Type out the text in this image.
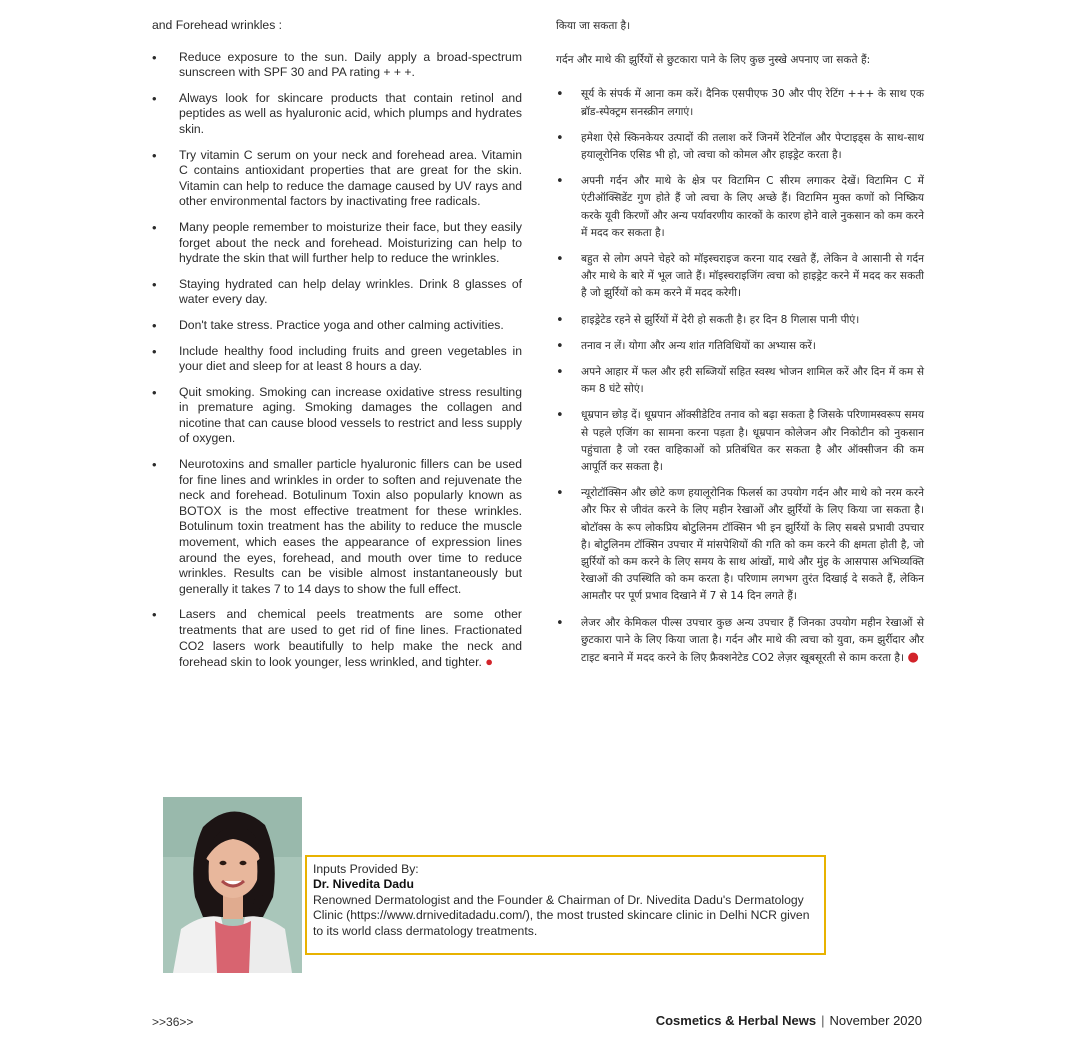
and Forehead wrinkles :

• Reduce exposure to the sun. Daily apply a broad-spectrum sunscreen with SPF 30 and PA rating + + +.
• Always look for skincare products that contain retinol and peptides as well as hyaluronic acid, which plumps and hydrates skin.
• Try vitamin C serum on your neck and forehead area. Vitamin C contains antioxidant properties that are great for the skin. Vitamin can help to reduce the damage caused by UV rays and other environmental factors by inactivating free radicals.
• Many people remember to moisturize their face, but they easily forget about the neck and forehead. Moisturizing can help to hydrate the skin that will further help to reduce the wrinkles.
• Staying hydrated can help delay wrinkles. Drink 8 glasses of water every day.
• Don't take stress. Practice yoga and other calming activities.
• Include healthy food including fruits and green vegetables in your diet and sleep for at least 8 hours a day.
• Quit smoking. Smoking can increase oxidative stress resulting in premature aging. Smoking damages the collagen and nicotine that can cause blood vessels to restrict and less supply of oxygen.
• Neurotoxins and smaller particle hyaluronic fillers can be used for fine lines and wrinkles in order to soften and rejuvenate the neck and forehead. Botulinum Toxin also popularly known as BOTOX is the most effective treatment for these wrinkles. Botulinum toxin treatment has the ability to reduce the muscle movement, which eases the appearance of expression lines around the eyes, forehead, and mouth over time to reduce wrinkles. Results can be visible almost instantaneously but generally it takes 7 to 14 days to show the full effect.
• Lasers and chemical peels treatments are some other treatments that are used to get rid of fine lines. Fractionated CO2 lasers work beautifully to help make the neck and forehead skin to look younger, less wrinkled, and tighter. ●

किया जा सकता है।

गर्दन और माथे की झुर्रियों से छुटकारा पाने के लिए कुछ नुस्खे अपनाए जा सकते हैं:

• सूर्य के संपर्क में आना कम करें। दैनिक एसपीएफ 30 और पीए रेटिंग +++ के साथ एक ब्रॉड-स्पेक्ट्रम सनस्क्रीन लगाएं।
• हमेशा ऐसे स्किनकेयर उत्पादों की तलाश करें जिनमें रेटिनॉल और पेप्टाइड्स के साथ-साथ हयालूरोनिक एसिड भी हो, जो त्वचा को कोमल और हाइड्रेट करता है।
• अपनी गर्दन और माथे के क्षेत्र पर विटामिन C सीरम लगाकर देखें। विटामिन C में एंटीऑक्सिडेंट गुण होते हैं जो त्वचा के लिए अच्छे हैं। विटामिन मुक्त कणों को निष्क्रिय करके यूवी किरणों और अन्य पर्यावरणीय कारकों के कारण होने वाले नुकसान को कम करने में मदद कर सकता है।
• बहुत से लोग अपने चेहरे को मॉइस्चराइज करना याद रखते हैं, लेकिन वे आसानी से गर्दन और माथे के बारे में भूल जाते हैं। मॉइस्चराइजिंग त्वचा को हाइड्रेट करने में मदद कर सकती है जो झुर्रियों को कम करने में मदद करेगी।
• हाइड्रेटेड रहने से झुर्रियों में देरी हो सकती है। हर दिन 8 गिलास पानी पीएं।
• तनाव न लें। योगा और अन्य शांत गतिविधियों का अभ्यास करें।
• अपने आहार में फल और हरी सब्जियों सहित स्वस्थ भोजन शामिल करें और दिन में कम से कम 8 घंटे सोएं।
• धूम्रपान छोड़ दें। धूम्रपान ऑक्सीडेटिव तनाव को बढ़ा सकता है जिसके परिणामस्वरूप समय से पहले एजिंग का सामना करना पड़ता है। धूम्रपान कोलेजन और निकोटीन को नुकसान पहुंचाता है जो रक्त वाहिकाओं को प्रतिबंधित कर सकता है और ऑक्सीजन की कम आपूर्ति कर सकता है।
• न्यूरोटॉक्सिन और छोटे कण हयालूरोनिक फिलर्स का उपयोग गर्दन और माथे को नरम करने और फिर से जीवंत करने के लिए महीन रेखाओं और झुर्रियों के लिए किया जा सकता है। बोटॉक्स के रूप लोकप्रिय बोटुलिनम टॉक्सिन भी इन झुर्रियों के लिए सबसे प्रभावी उपचार है। बोटुलिनम टॉक्सिन उपचार में मांसपेशियों की गति को कम करने की क्षमता होती है, जो झुर्रियों को कम करने के लिए समय के साथ आंखों, माथे और मुंह के आसपास अभिव्यक्ति रेखाओं की उपस्थिति को कम करता है। परिणाम लगभग तुरंत दिखाई दे सकते हैं, लेकिन आमतौर पर पूर्ण प्रभाव दिखाने में 7 से 14 दिन लगते हैं।
• लेजर और केमिकल पील्स उपचार कुछ अन्य उपचार हैं जिनका उपयोग महीन रेखाओं से छुटकारा पाने के लिए किया जाता है। गर्दन और माथे की त्वचा को युवा, कम झुर्रीदार और टाइट बनाने में मदद करने के लिए फ्रैक्शनेटेड CO2 लेज़र खूबसूरती से काम करता है। ●
Inputs Provided By:
Dr. Nivedita Dadu
Renowned Dermatologist and the Founder & Chairman of Dr. Nivedita Dadu's Dermatology Clinic (https://www.drniveditadadu.com/), the most trusted skincare clinic in Delhi NCR given to its world class dermatology treatments.
>>36>>	Cosmetics & Herbal News | November 2020
